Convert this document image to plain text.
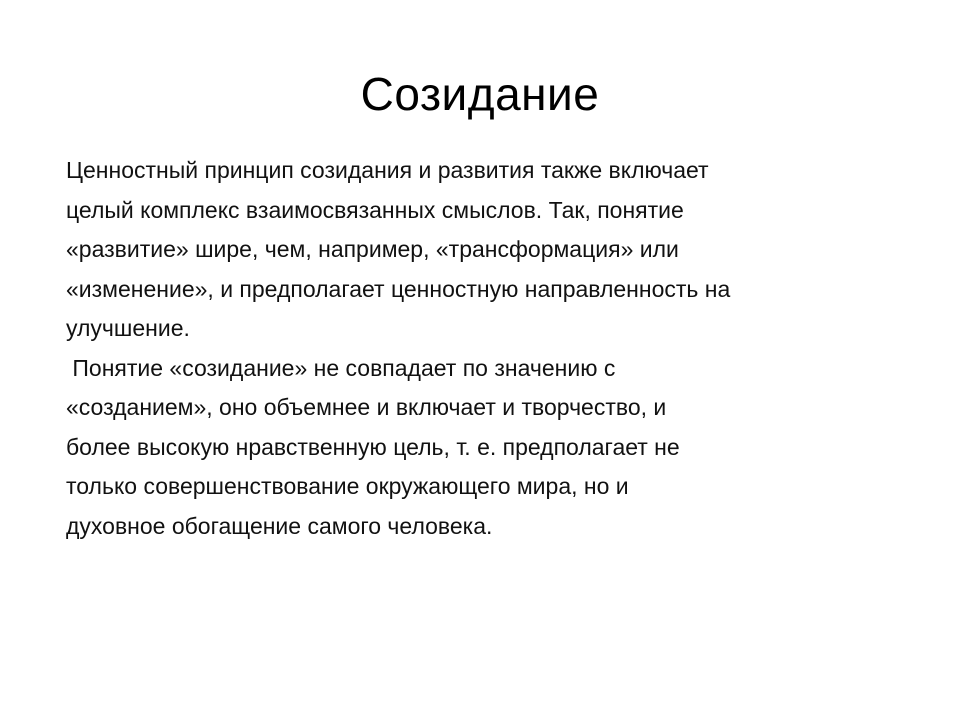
Созидание

Ценностный принцип созидания и развития также включает

целый комплекс взаимосвязанных смыслов. Так, понятие

«развитие» шире, чем, например, «трансформация» или

«изменение», и предполагает ценностную направленность на

улучшение.

Понятие «созидание» не совпадает по значению с

«созданием», оно объемнее и включает и творчество, и

более высокую нравственную цель, т. е. предполагает не

только совершенствование окружающего мира, но и

духовное обогащение самого человека.
